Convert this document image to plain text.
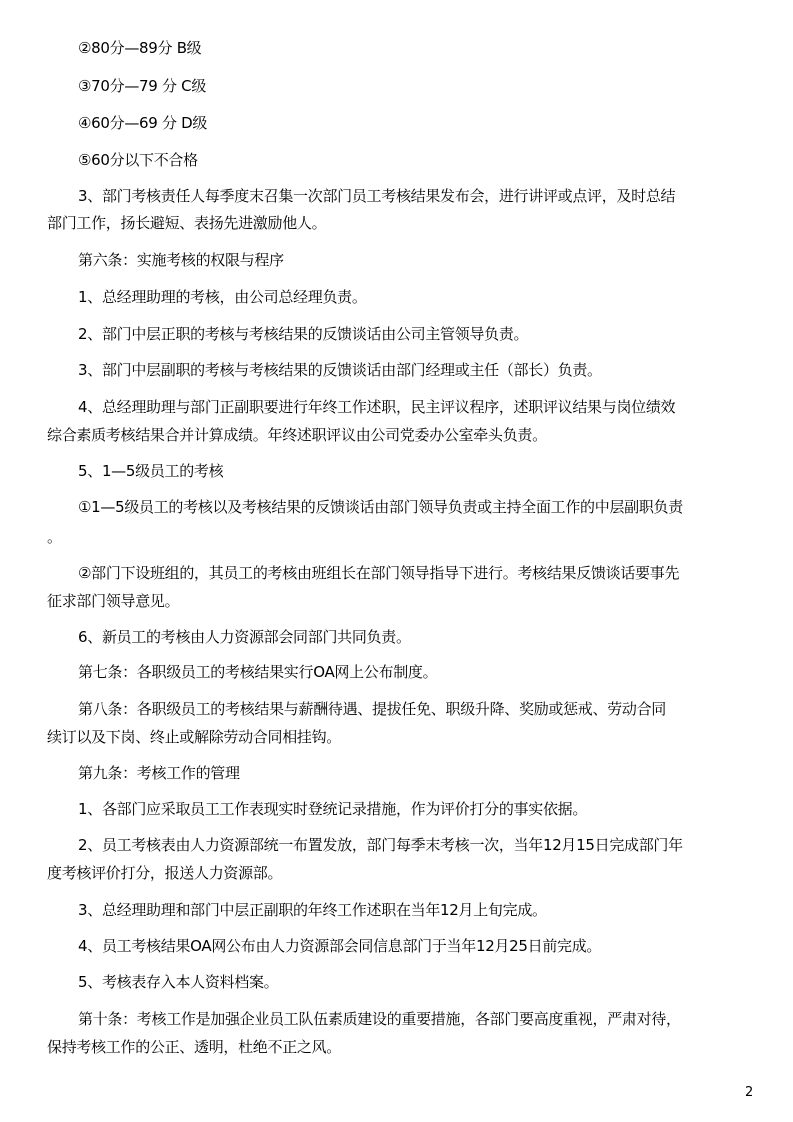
②80分—89分 B级
③70分—79 分 C级
④60分—69 分 D级
⑤60分以下不合格
3、部门考核责任人每季度末召集一次部门员工考核结果发布会，进行讲评或点评，及时总结
部门工作，扬长避短、表扬先进激励他人。
第六条：实施考核的权限与程序
1、总经理助理的考核，由公司总经理负责。
2、部门中层正职的考核与考核结果的反馈谈话由公司主管领导负责。
3、部门中层副职的考核与考核结果的反馈谈话由部门经理或主任（部长）负责。
4、总经理助理与部门正副职要进行年终工作述职，民主评议程序，述职评议结果与岗位绩效
综合素质考核结果合并计算成绩。年终述职评议由公司党委办公室牵头负责。
5、1—5级员工的考核
①1—5级员工的考核以及考核结果的反馈谈话由部门领导负责或主持全面工作的中层副职负责
。
②部门下设班组的，其员工的考核由班组长在部门领导指导下进行。考核结果反馈谈话要事先
征求部门领导意见。
6、新员工的考核由人力资源部会同部门共同负责。
第七条：各职级员工的考核结果实行OA网上公布制度。
第八条：各职级员工的考核结果与薪酬待遇、提拔任免、职级升降、奖励或惩戒、劳动合同
续订以及下岗、终止或解除劳动合同相挂钩。
第九条：考核工作的管理
1、各部门应采取员工工作表现实时登统记录措施，作为评价打分的事实依据。
2、员工考核表由人力资源部统一布置发放，部门每季末考核一次，当年12月15日完成部门年
度考核评价打分，报送人力资源部。
3、总经理助理和部门中层正副职的年终工作述职在当年12月上旬完成。
4、员工考核结果OA网公布由人力资源部会同信息部门于当年12月25日前完成。
5、考核表存入本人资料档案。
第十条：考核工作是加强企业员工队伍素质建设的重要措施，各部门要高度重视，严肃对待，
保持考核工作的公正、透明，杜绝不正之风。
2
